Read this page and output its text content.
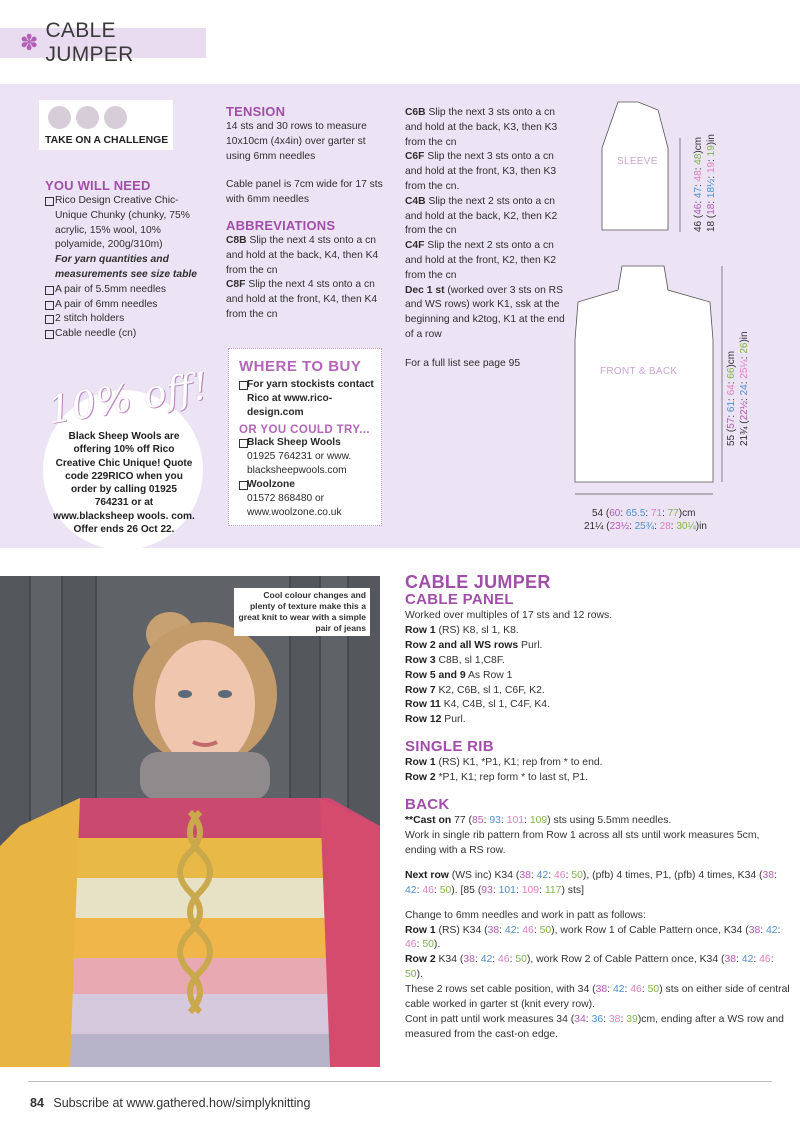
✽ CABLE JUMPER
TAKE ON A CHALLENGE
YOU WILL NEED
Rico Design Creative Chic-Unique Chunky (chunky, 75% acrylic, 15% wool, 10% polyamide, 200g/310m)
For yarn quantities and measurements see size table
A pair of 5.5mm needles
A pair of 6mm needles
2 stitch holders
Cable needle (cn)
10% off!
Black Sheep Wools are offering 10% off Rico Creative Chic Unique! Quote code 229RICO when you order by calling 01925 764231 or at www.blacksheep wools. com. Offer ends 26 Oct 22.
TENSION

14 sts and 30 rows to measure 10x10cm (4x4in) over garter st using 6mm needles

Cable panel is 7cm wide for 17 sts with 6mm needles

ABBREVIATIONS

C8B Slip the next 4 sts onto a cn and hold at the back, K4, then K4 from the cn

C8F Slip the next 4 sts onto a cn and hold at the front, K4, then K4 from the cn

C6B Slip the next 3 sts onto a cn and hold at the back, K3, then K3 from the cn

C6F Slip the next 3 sts onto a cn and hold at the front, K3, then K3 from the cn.

C4B Slip the next 2 sts onto a cn and hold at the back, K2, then K2 from the cn

C4F Slip the next 2 sts onto a cn and hold at the front, K2, then K2 from the cn

Dec 1 st (worked over 3 sts on RS and WS rows) work K1, ssk at the beginning and k2tog, K1 at the end of a row

For a full list see page 95

WHERE TO BUY
For yarn stockists contact Rico at www.rico-design.com
OR YOU COULD TRY...
Black Sheep Wools
01925 764231 or www. blacksheepwools.com
Woolzone
01572 868480 or www.woolzone.co.uk
SLEEVE
FRONT & BACK
46 (46: 47: 48: 48)cm
18 (18: 18½: 19: 19)in
55 (57: 61: 64: 66)cm
21¾ (22½: 24: 25¼: 26)in
54 (60: 65.5: 71: 77)cm
21¼ (23½: 25¾: 28: 30¼)in
Cool colour changes and plenty of texture make this a great knit to wear with a simple pair of jeans
CABLE JUMPER
CABLE PANEL

Worked over multiples of 17 sts and 12 rows.

Row 1 (RS) K8, sl 1, K8.

Row 2 and all WS rows Purl.

Row 3 C8B, sl 1,C8F.

Row 5 and 9 As Row 1

Row 7 K2, C6B, sl 1, C6F, K2.

Row 11 K4, C4B, sl 1, C4F, K4.

Row 12 Purl.

SINGLE RIB

Row 1 (RS) K1, *P1, K1; rep from * to end.

Row 2 *P1, K1; rep form * to last st, P1.

BACK

**Cast on 77 (85: 93: 101: 109) sts using 5.5mm needles.

Work in single rib pattern from Row 1 across all sts until work measures 5cm, ending with a RS row.

Next row (WS inc) K34 (38: 42: 46: 50), (pfb) 4 times, P1, (pfb) 4 times, K34 (38: 42: 46: 50). [85 (93: 101: 109: 117) sts]

Change to 6mm needles and work in patt as follows:

Row 1 (RS) K34 (38: 42: 46: 50), work Row 1 of Cable Pattern once, K34 (38: 42: 46: 50).

Row 2 K34 (38: 42: 46: 50), work Row 2 of Cable Pattern once, K34 (38: 42: 46: 50).

These 2 rows set cable position, with 34 (38: 42: 46: 50) sts on either side of central cable worked in garter st (knit every row).

Cont in patt until work measures 34 (34: 36: 38: 39)cm, ending after a WS row and measured from the cast-on edge.

84 Subscribe at www.gathered.how/simplyknitting
